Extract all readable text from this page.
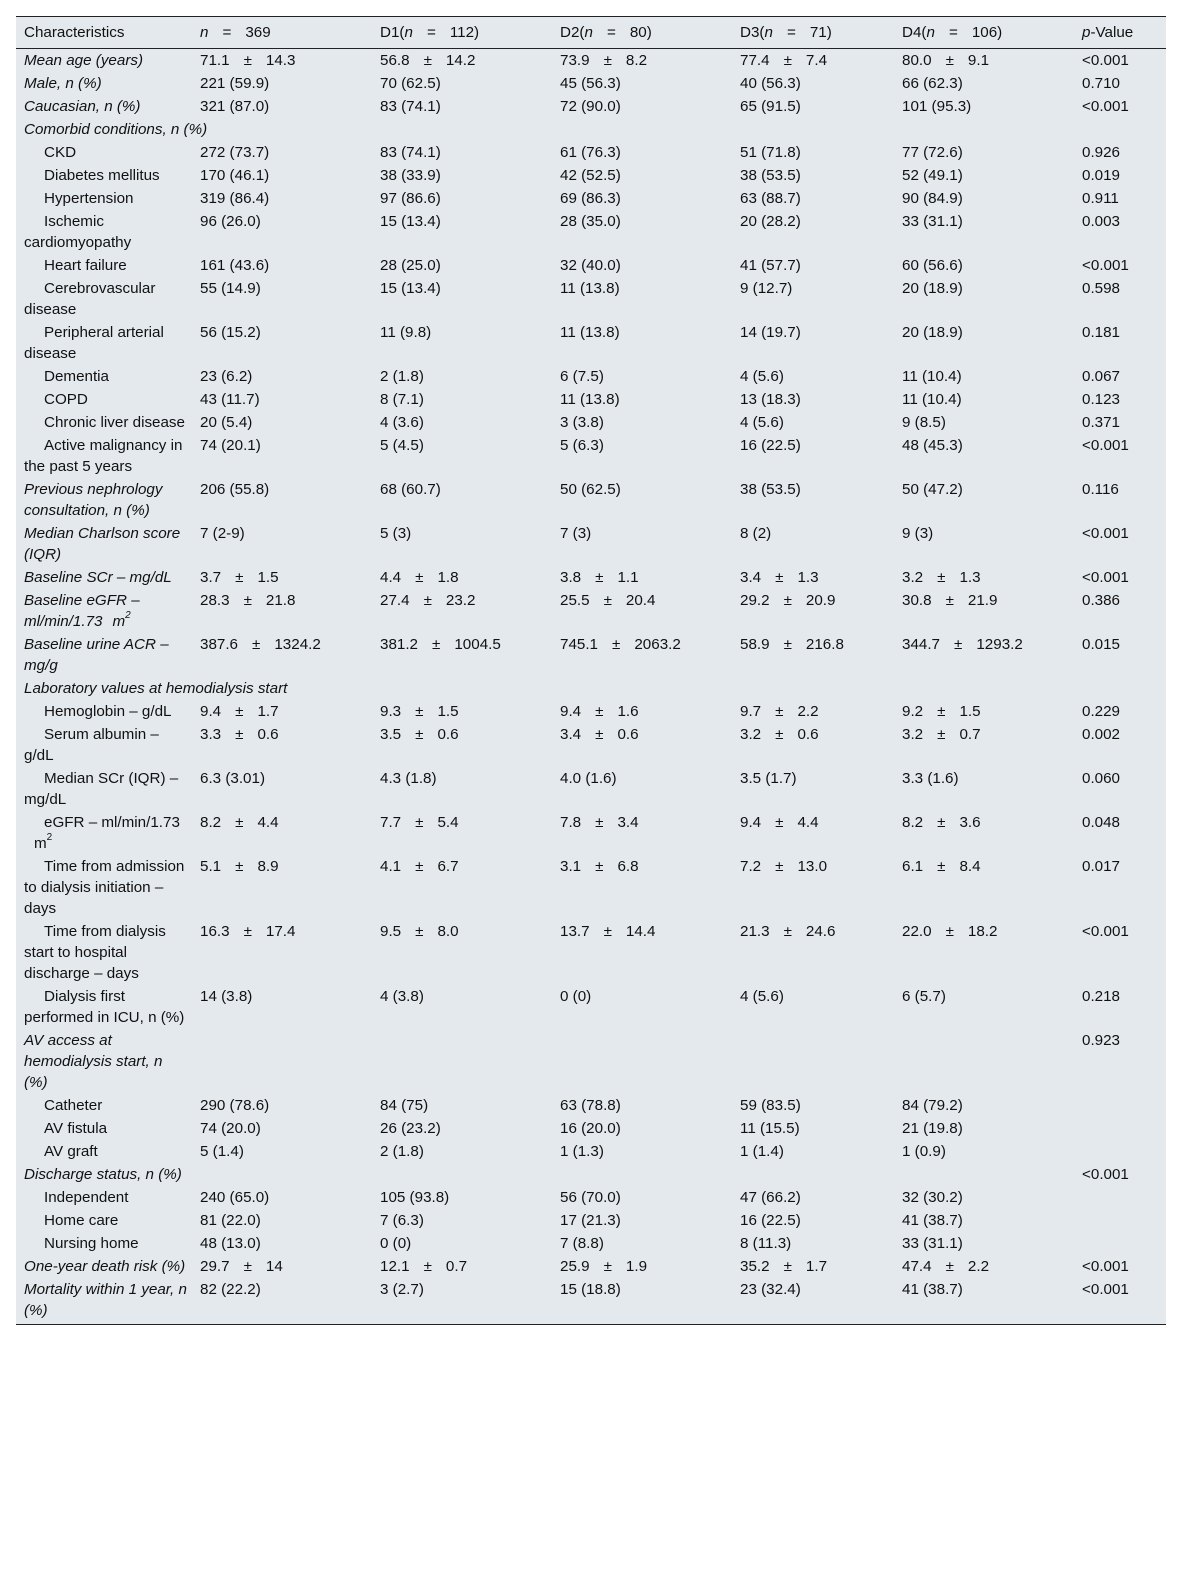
Characteristics	n = 369	D1(n = 112)	D2(n = 80)	D3(n = 71)	D4(n = 106)	p-Value
Mean age (years)	71.1 ± 14.3	56.8 ± 14.2	73.9 ± 8.2	77.4 ± 7.4	80.0 ± 9.1	<0.001
Male, n (%)	221 (59.9)	70 (62.5)	45 (56.3)	40 (56.3)	66 (62.3)	0.710
Caucasian, n (%)	321 (87.0)	83 (74.1)	72 (90.0)	65 (91.5)	101 (95.3)	<0.001
Comorbid conditions, n (%)						
CKD	272 (73.7)	83 (74.1)	61 (76.3)	51 (71.8)	77 (72.6)	0.926
Diabetes mellitus	170 (46.1)	38 (33.9)	42 (52.5)	38 (53.5)	52 (49.1)	0.019
Hypertension	319 (86.4)	97 (86.6)	69 (86.3)	63 (88.7)	90 (84.9)	0.911
Ischemic cardiomyopathy	96 (26.0)	15 (13.4)	28 (35.0)	20 (28.2)	33 (31.1)	0.003
Heart failure	161 (43.6)	28 (25.0)	32 (40.0)	41 (57.7)	60 (56.6)	<0.001
Cerebrovascular disease	55 (14.9)	15 (13.4)	11 (13.8)	9 (12.7)	20 (18.9)	0.598
Peripheral arterial disease	56 (15.2)	11 (9.8)	11 (13.8)	14 (19.7)	20 (18.9)	0.181
Dementia	23 (6.2)	2 (1.8)	6 (7.5)	4 (5.6)	11 (10.4)	0.067
COPD	43 (11.7)	8 (7.1)	11 (13.8)	13 (18.3)	11 (10.4)	0.123
Chronic liver disease	20 (5.4)	4 (3.6)	3 (3.8)	4 (5.6)	9 (8.5)	0.371
Active malignancy in the past 5 years	74 (20.1)	5 (4.5)	5 (6.3)	16 (22.5)	48 (45.3)	<0.001
Previous nephrology consultation, n (%)	206 (55.8)	68 (60.7)	50 (62.5)	38 (53.5)	50 (47.2)	0.116
Median Charlson score (IQR)	7 (2-9)	5 (3)	7 (3)	8 (2)	9 (3)	<0.001
Baseline SCr – mg/dL	3.7 ± 1.5	4.4 ± 1.8	3.8 ± 1.1	3.4 ± 1.3	3.2 ± 1.3	<0.001
Baseline eGFR – ml/min/1.73 $m^2$	28.3 ± 21.8	27.4 ± 23.2	25.5 ± 20.4	29.2 ± 20.9	30.8 ± 21.9	0.386
Baseline urine ACR – mg/g	387.6 ± 1324.2	381.2 ± 1004.5	745.1 ± 2063.2	58.9 ± 216.8	344.7 ± 1293.2	0.015
Laboratory values at hemodialysis start						
Hemoglobin – g/dL	9.4 ± 1.7	9.3 ± 1.5	9.4 ± 1.6	9.7 ± 2.2	9.2 ± 1.5	0.229
Serum albumin – g/dL	3.3 ± 0.6	3.5 ± 0.6	3.4 ± 0.6	3.2 ± 0.6	3.2 ± 0.7	0.002
Median SCr (IQR) – mg/dL	6.3 (3.01)	4.3 (1.8)	4.0 (1.6)	3.5 (1.7)	3.3 (1.6)	0.060
eGFR – $ml/\min/1.73m^2$	8.2 ± 4.4	7.7 ± 5.4	7.8 ± 3.4	9.4 ± 4.4	8.2 ± 3.6	0.048
Time from admission to dialysis initiation – days	5.1 ± 8.9	4.1 ± 6.7	3.1 ± 6.8	7.2 ± 13.0	6.1 ± 8.4	0.017
Time from dialysis start to hospital discharge – days	16.3 ± 17.4	9.5 ± 8.0	13.7 ± 14.4	21.3 ± 24.6	22.0 ± 18.2	<0.001
Dialysis first performed in ICU, n (%)	14 (3.8)	4 (3.8)	0 (0)	4 (5.6)	6 (5.7)	0.218
AV access at hemodialysis start, n (%)						0.923
Catheter	290 (78.6)	84 (75)	63 (78.8)	59 (83.5)	84 (79.2)	
AV fistula	74 (20.0)	26 (23.2)	16 (20.0)	11 (15.5)	21 (19.8)	
AV graft	5 (1.4)	2 (1.8)	1 (1.3)	1 (1.4)	1 (0.9)	
Discharge status, n (%)						<0.001
Independent	240 (65.0)	105 (93.8)	56 (70.0)	47 (66.2)	32 (30.2)	
Home care	81 (22.0)	7 (6.3)	17 (21.3)	16 (22.5)	41 (38.7)	
Nursing home	48 (13.0)	0 (0)	7 (8.8)	8 (11.3)	33 (31.1)	
One-year death risk (%)	29.7 ± 14	12.1 ± 0.7	25.9 ± 1.9	35.2 ± 1.7	47.4 ± 2.2	<0.001
Mortality within 1 year, n (%)	82 (22.2)	3 (2.7)	15 (18.8)	23 (32.4)	41 (38.7)	<0.001
